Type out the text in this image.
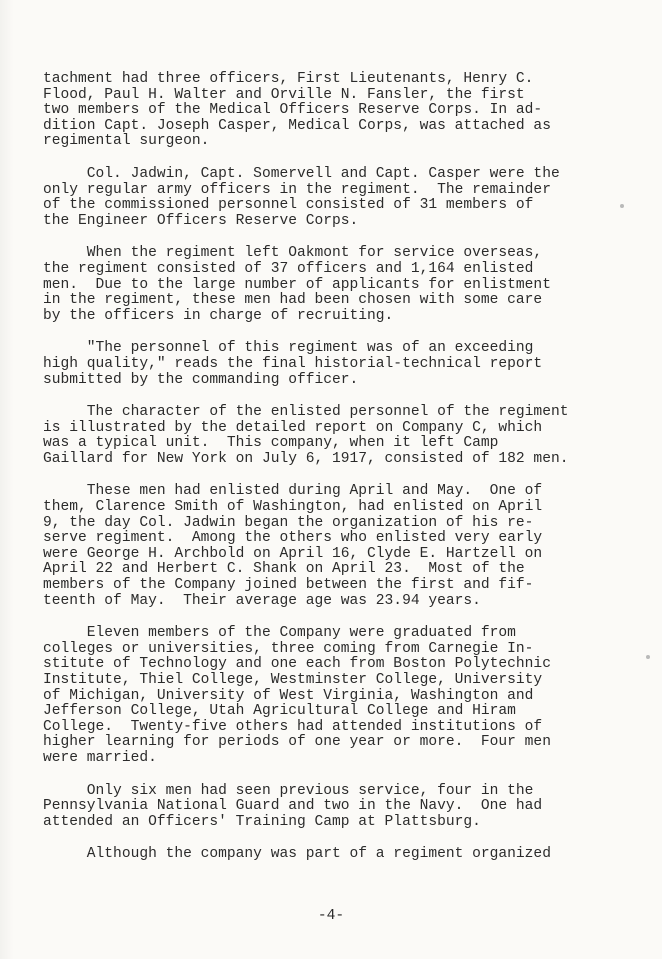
tachment had three officers, First Lieutenants, Henry C.
Flood, Paul H. Walter and Orville N. Fansler, the first
two members of the Medical Officers Reserve Corps. In ad-
dition Capt. Joseph Casper, Medical Corps, was attached as
regimental surgeon.

Col. Jadwin, Capt. Somervell and Capt. Casper were the
only regular army officers in the regiment.  The remainder
of the commissioned personnel consisted of 31 members of
the Engineer Officers Reserve Corps.

When the regiment left Oakmont for service overseas,
the regiment consisted of 37 officers and 1,164 enlisted
men.  Due to the large number of applicants for enlistment
in the regiment, these men had been chosen with some care
by the officers in charge of recruiting.

"The personnel of this regiment was of an exceeding
high quality," reads the final historial-technical report
submitted by the commanding officer.

The character of the enlisted personnel of the regiment
is illustrated by the detailed report on Company C, which
was a typical unit.  This company, when it left Camp
Gaillard for New York on July 6, 1917, consisted of 182 men.

These men had enlisted during April and May.  One of
them, Clarence Smith of Washington, had enlisted on April
9, the day Col. Jadwin began the organization of his re-
serve regiment.  Among the others who enlisted very early
were George H. Archbold on April 16, Clyde E. Hartzell on
April 22 and Herbert C. Shank on April 23.  Most of the
members of the Company joined between the first and fif-
teenth of May.  Their average age was 23.94 years.

Eleven members of the Company were graduated from
colleges or universities, three coming from Carnegie In-
stitute of Technology and one each from Boston Polytechnic
Institute, Thiel College, Westminster College, University
of Michigan, University of West Virginia, Washington and
Jefferson College, Utah Agricultural College and Hiram
College.  Twenty-five others had attended institutions of
higher learning for periods of one year or more.  Four men
were married.

Only six men had seen previous service, four in the
Pennsylvania National Guard and two in the Navy.  One had
attended an Officers' Training Camp at Plattsburg.

Although the company was part of a regiment organized

-4-
